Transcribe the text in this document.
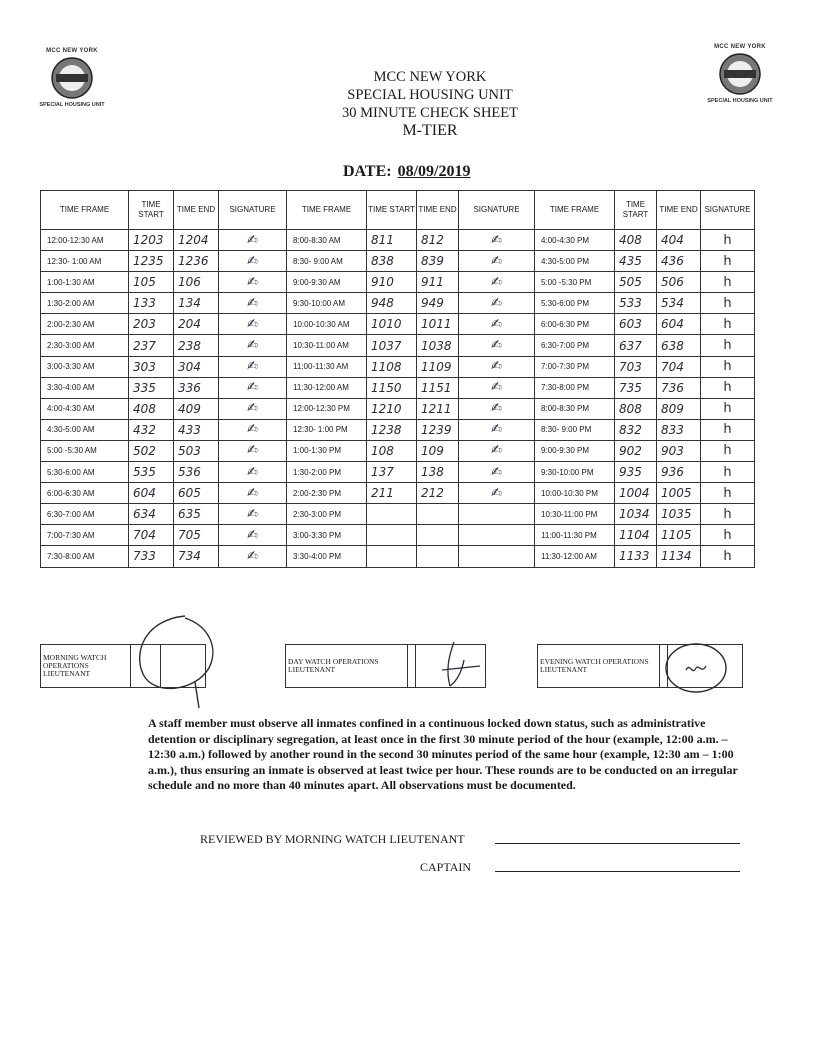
MCC NEW YORK
SPECIAL HOUSING UNIT
MCC NEW YORK
SPECIAL HOUSING UNIT
MCC NEW YORK
SPECIAL HOUSING UNIT
30 MINUTE CHECK SHEET
M-TIER
DATE: 08/09/2019
TIME FRAME	TIME START	TIME END	SIGNATURE	TIME FRAME	TIME START	TIME END	SIGNATURE	TIME FRAME	TIME START	TIME END	SIGNATURE
12:00-12:30 AM	1203	1204	✍	8:00-8:30 AM	811	812	✍	4:00-4:30 PM	408	404	h
12:30- 1:00 AM	1235	1236	✍	8:30- 9:00 AM	838	839	✍	4:30-5:00 PM	435	436	h
1:00-1:30 AM	105	106	✍	9:00-9:30 AM	910	911	✍	5:00 -5:30 PM	505	506	h
1:30-2:00 AM	133	134	✍	9:30-10:00 AM	948	949	✍	5:30-6:00 PM	533	534	h
2:00-2:30 AM	203	204	✍	10:00-10:30 AM	1010	1011	✍	6:00-6:30 PM	603	604	h
2:30-3:00 AM	237	238	✍	10:30-11:00 AM	1037	1038	✍	6:30-7:00 PM	637	638	h
3:00-3:30 AM	303	304	✍	11:00-11:30 AM	1108	1109	✍	7:00-7:30 PM	703	704	h
3:30-4:00 AM	335	336	✍	11:30-12:00 AM	1150	1151	✍	7:30-8:00 PM	735	736	h
4:00-4:30 AM	408	409	✍	12:00-12:30 PM	1210	1211	✍	8:00-8:30 PM	808	809	h
4:30-5:00 AM	432	433	✍	12:30- 1:00 PM	1238	1239	✍	8:30- 9:00 PM	832	833	h
5:00 -5:30 AM	502	503	✍	1:00-1:30 PM	108	109	✍	9:00-9:30 PM	902	903	h
5:30-6:00 AM	535	536	✍	1:30-2:00 PM	137	138	✍	9:30-10:00 PM	935	936	h
6:00-6:30 AM	604	605	✍	2:00-2:30 PM	211	212	✍	10:00-10:30 PM	1004	1005	h
6:30-7:00 AM	634	635	✍	2:30-3:00 PM				10:30-11:00 PM	1034	1035	h
7:00-7:30 AM	704	705	✍	3:00-3:30 PM				11:00-11:30 PM	1104	1105	h
7:30-8:00 AM	733	734	✍	3:30-4:00 PM				11:30-12:00 AM	1133	1134	h
MORNING WATCH OPERATIONS LIEUTENANT				DAY WATCH OPERATIONS LIEUTENANT				EVENING WATCH OPERATIONS LIEUTENANT		
A staff member must observe all inmates confined in a continuous locked down status, such as administrative detention or disciplinary segregation, at least once in the first 30 minute period of the hour (example, 12:00 a.m. – 12:30 a.m.) followed by another round in the second 30 minutes period of the same hour (example, 12:30 am – 1:00 a.m.), thus ensuring an inmate is observed at least twice per hour. These rounds are to be conducted on an irregular schedule and no more than 40 minutes apart. All observations must be documented.
REVIEWED BY MORNING WATCH LIEUTENANT
CAPTAIN
